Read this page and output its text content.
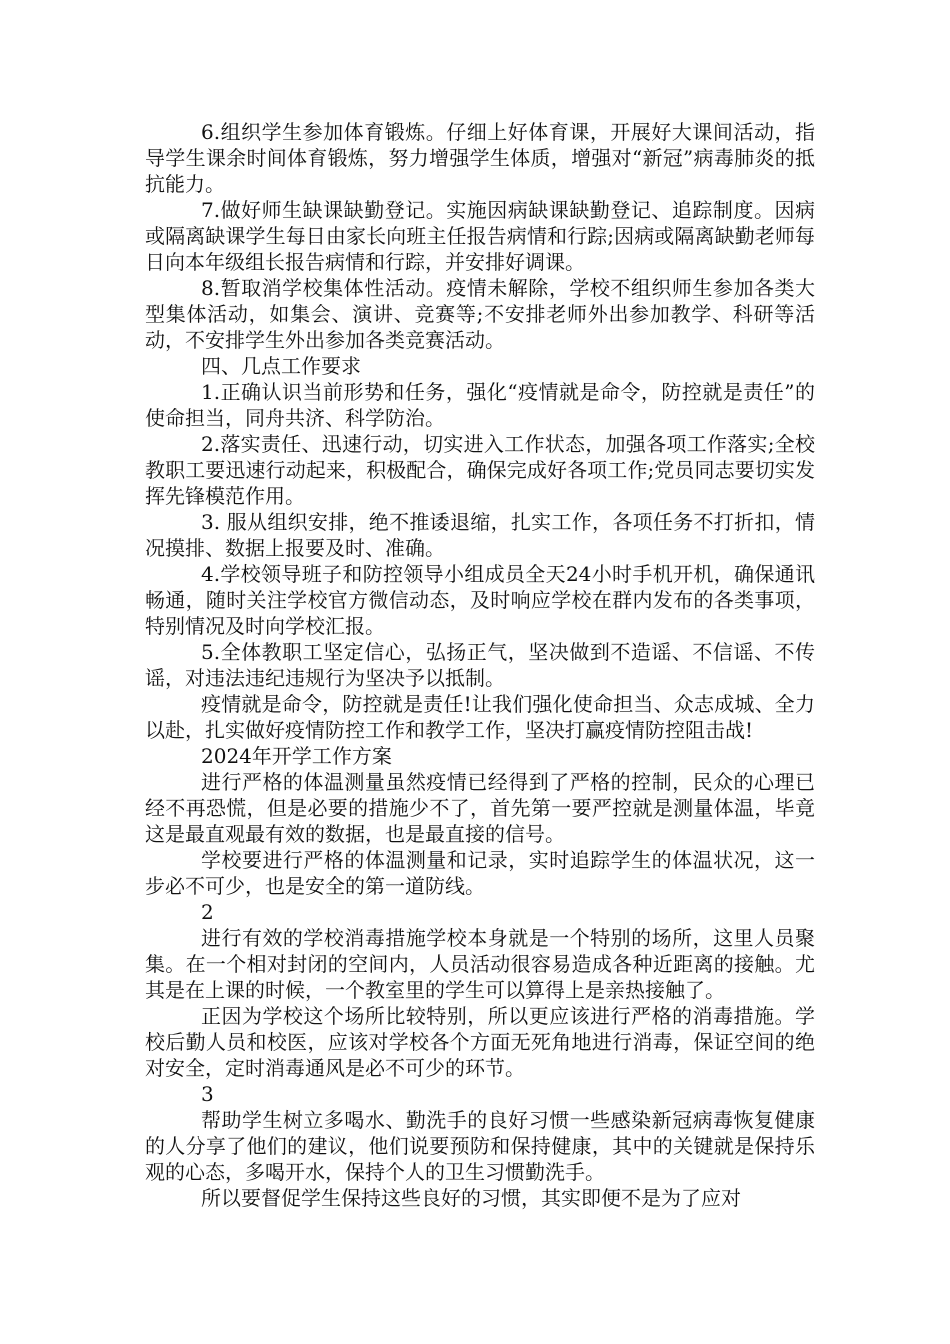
6.组织学生参加体育锻炼。仔细上好体育课，开展好大课间活动，指导学生课余时间体育锻炼，努力增强学生体质，增强对“新冠”病毒肺炎的抵抗能力。

7.做好师生缺课缺勤登记。实施因病缺课缺勤登记、追踪制度。因病或隔离缺课学生每日由家长向班主任报告病情和行踪;因病或隔离缺勤老师每日向本年级组长报告病情和行踪，并安排好调课。

8.暂取消学校集体性活动。疫情未解除，学校不组织师生参加各类大型集体活动，如集会、演讲、竞赛等;不安排老师外出参加教学、科研等活动，不安排学生外出参加各类竞赛活动。

四、几点工作要求

1.正确认识当前形势和任务，强化“疫情就是命令，防控就是责任”的使命担当，同舟共济、科学防治。

2.落实责任、迅速行动，切实进入工作状态，加强各项工作落实;全校教职工要迅速行动起来，积极配合，确保完成好各项工作;党员同志要切实发挥先锋模范作用。

3. 服从组织安排，绝不推诿退缩，扎实工作，各项任务不打折扣，情况摸排、数据上报要及时、准确。

4.学校领导班子和防控领导小组成员全天24小时手机开机，确保通讯畅通，随时关注学校官方微信动态，及时响应学校在群内发布的各类事项，特别情况及时向学校汇报。

5.全体教职工坚定信心，弘扬正气，坚决做到不造谣、不信谣、不传谣，对违法违纪违规行为坚决予以抵制。

疫情就是命令，防控就是责任!让我们强化使命担当、众志成城、全力以赴，扎实做好疫情防控工作和教学工作，坚决打赢疫情防控阻击战!

2024年开学工作方案

进行严格的体温测量虽然疫情已经得到了严格的控制，民众的心理已经不再恐慌，但是必要的措施少不了，首先第一要严控就是测量体温，毕竟这是最直观最有效的数据，也是最直接的信号。

学校要进行严格的体温测量和记录，实时追踪学生的体温状况，这一步必不可少，也是安全的第一道防线。

2

进行有效的学校消毒措施学校本身就是一个特别的场所，这里人员聚集。在一个相对封闭的空间内，人员活动很容易造成各种近距离的接触。尤其是在上课的时候，一个教室里的学生可以算得上是亲热接触了。

正因为学校这个场所比较特别，所以更应该进行严格的消毒措施。学校后勤人员和校医，应该对学校各个方面无死角地进行消毒，保证空间的绝对安全，定时消毒通风是必不可少的环节。

3

帮助学生树立多喝水、勤洗手的良好习惯一些感染新冠病毒恢复健康的人分享了他们的建议，他们说要预防和保持健康，其中的关键就是保持乐观的心态，多喝开水，保持个人的卫生习惯勤洗手。

所以要督促学生保持这些良好的习惯，其实即便不是为了应对
